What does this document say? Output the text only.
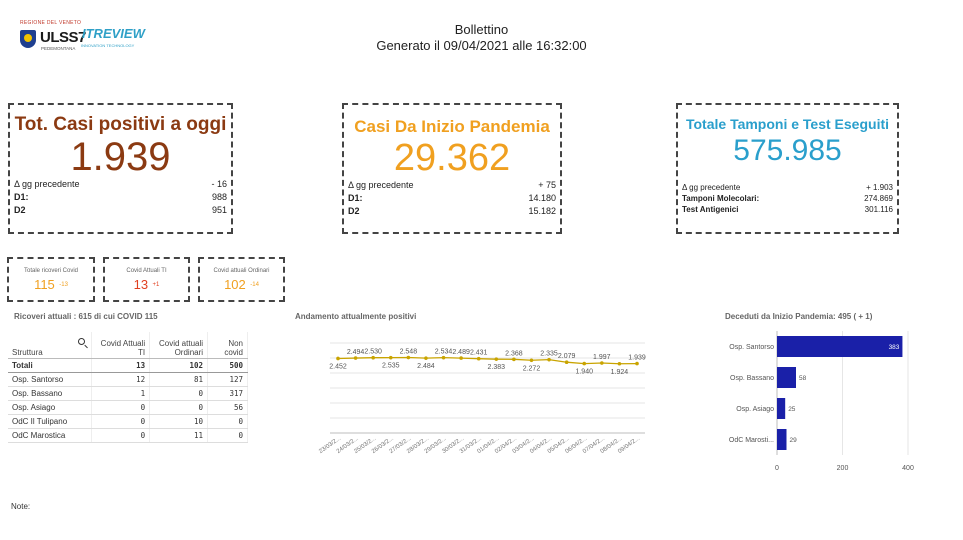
REGIONE DEL VENETO
ULSS7
PEDEMONTANA
ITREVIEW
INNOVATION TECHNOLOGY
Bollettino
Generato il 09/04/2021 alle 16:32:00
Tot. Casi positivi a oggi
1.939
Δ gg precedente	- 16
D1:	988
D2	951
Casi Da Inizio Pandemia
29.362
Δ gg precedente	+ 75
D1:	14.180
D2	15.182
Totale Tamponi e Test Eseguiti
575.985
Δ gg precedente	+ 1.903
Tamponi Molecolari:	274.869
Test Antigenici	301.116
Totale ricoveri Covid
115 -13
Covid Attuali TI
13 +1
Covid attuali Ordinari
102 -14
Ricoveri attuali : 615 di cui COVID 115	Andamento attualmente positivi	Deceduti da Inizio Pandemia: 495 ( + 1)
Struttura	Covid Attuali TI	Covid attuali Ordinari	Non covid
Totali	13	102	500
Osp. Santorso	12	81	127
Osp. Bassano	1	0	317
Osp. Asiago	0	0	56
OdC Il Tulipano	0	10	0
OdC Marostica	0	11	0
2.452
2.494 2.530
2.535
2.548
2.484
2.534 2.489 2.431
2.383
2.368
2.272
2.335 2.079
1.940
1.997
1.924
1.939
23/03/2...
24/03/2...
25/03/2...
26/03/2...
27/03/2...
28/03/2...
29/03/2...
30/03/2...
31/03/2...
01/04/2...
02/04/2...
03/04/2...
04/04/2...
05/04/2...
06/04/2...
07/04/2...
08/04/2...
09/04/2...
0	200	400
Osp. Santorso	383
Osp. Bassano	58
Osp. Asiago 25
OdC Marosti... 29
Note:
